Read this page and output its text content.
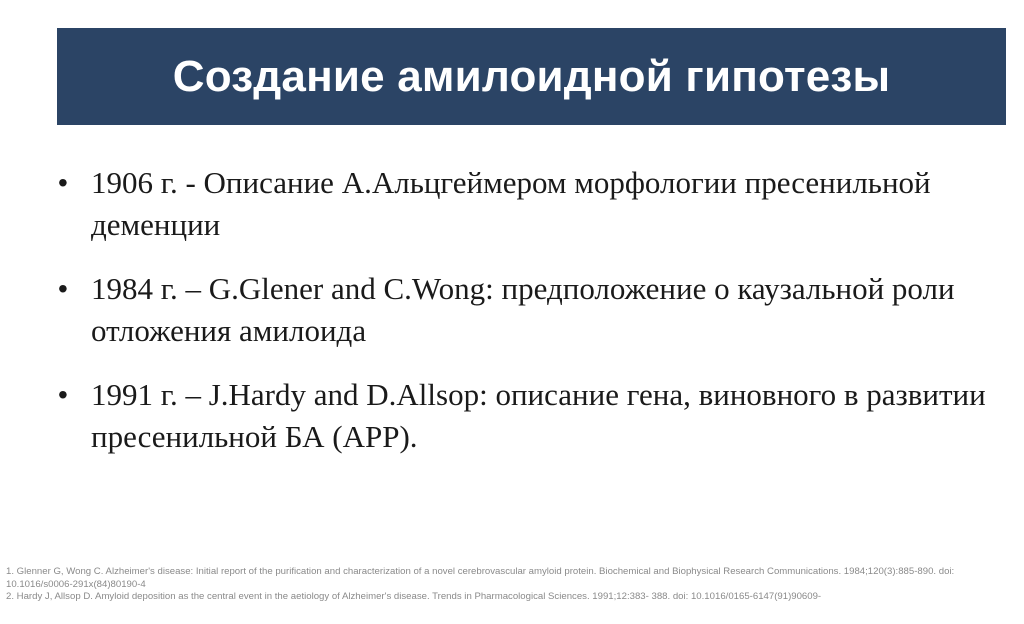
Создание амилоидной гипотезы
• 1906 г. - Описание А.Альцгеймером морфологии пресенильной деменции
• 1984 г. – G.Glener and C.Wong: предположение о каузальной роли отложения амилоида
• 1991 г. – J.Hardy and D.Allsop: описание гена, виновного в развитии пресенильной БА (APP).

1. Glenner G, Wong C. Alzheimer's disease: Initial report of the purification and characterization of a novel cerebrovascular amyloid protein. Biochemical and Biophysical Research Communications. 1984;120(3):885-890. doi: 10.1016/s0006-291x(84)80190-4

2. Hardy J, Allsop D. Amyloid deposition as the central event in the aetiology of Alzheimer's disease. Trends in Pharmacological Sciences. 1991;12:383- 388. doi: 10.1016/0165-6147(91)90609-
